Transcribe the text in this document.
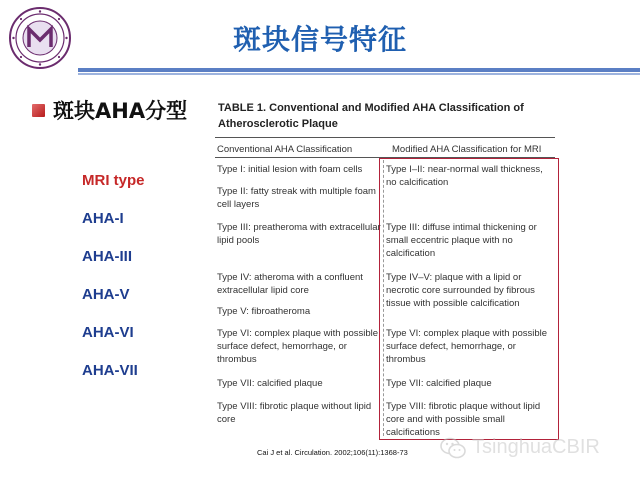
斑块信号特征
斑块AHA分型
MRI type
AHA-I
AHA-III
AHA-V
AHA-VI
AHA-VII
TABLE 1. Conventional and Modified AHA Classification of Atherosclerotic Plaque
Conventional AHA Classification	Modified AHA Classification for MRI
Type I: initial lesion with foam cells
Type II: fatty streak with multiple foam cell layers
Type III: preatheroma with extracellular lipid pools
Type IV: atheroma with a confluent extracellular lipid core
Type V: fibroatheroma
Type VI: complex plaque with possible surface defect, hemorrhage, or thrombus
Type VII: calcified plaque
Type VIII: fibrotic plaque without lipid core
Type I–II: near-normal wall thickness, no calcification
Type III: diffuse intimal thickening or small eccentric plaque with no calcification
Type IV–V: plaque with a lipid or necrotic core surrounded by fibrous tissue with possible calcification
Type VI: complex plaque with possible surface defect, hemorrhage, or thrombus
Type VII: calcified plaque
Type VIII: fibrotic plaque without lipid core and with possible small calcifications
Cai J et al. Circulation. 2002;106(11):1368-73	TsinghuaCBIR
